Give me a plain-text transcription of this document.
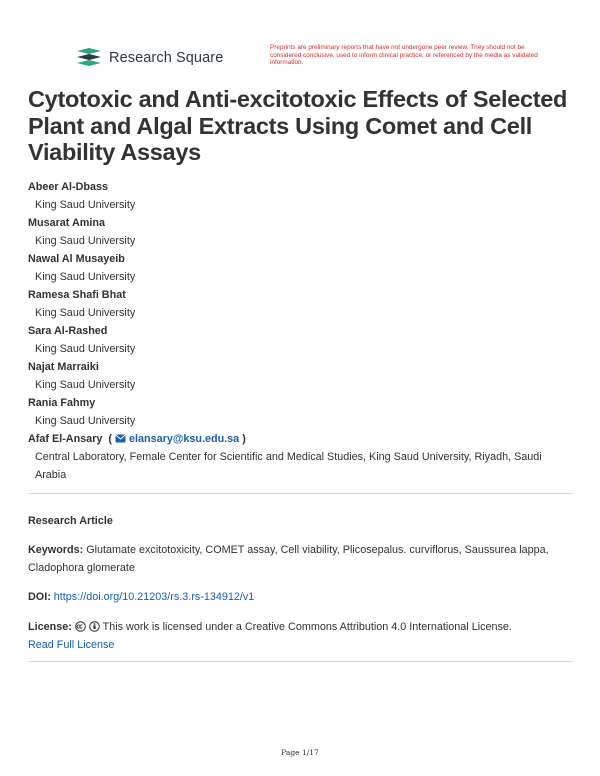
Research Square
Preprints are preliminary reports that have not undergone peer review. They should not be considered conclusive, used to inform clinical practice, or referenced by the media as validated information.
Cytotoxic and Anti-excitotoxic Effects of Selected Plant and Algal Extracts Using Comet and Cell Viability Assays
Abeer Al-Dbass
King Saud University
Musarat Amina
King Saud University
Nawal Al Musayeib
King Saud University
Ramesa Shafi Bhat
King Saud University
Sara Al-Rashed
King Saud University
Najat Marraiki
King Saud University
Rania Fahmy
King Saud University
Afaf El-Ansary ( elansary@ksu.edu.sa )
Central Laboratory, Female Center for Scientific and Medical Studies, King Saud University, Riyadh, Saudi Arabia
Research Article
Keywords: Glutamate excitotoxicity, COMET assay, Cell viability, Plicosepalus. curviflorus, Saussurea lappa, Cladophora glomerate
DOI: https://doi.org/10.21203/rs.3.rs-134912/v1
License:	This work is licensed under a Creative Commons Attribution 4.0 International License.
Read Full License
Page 1/17
